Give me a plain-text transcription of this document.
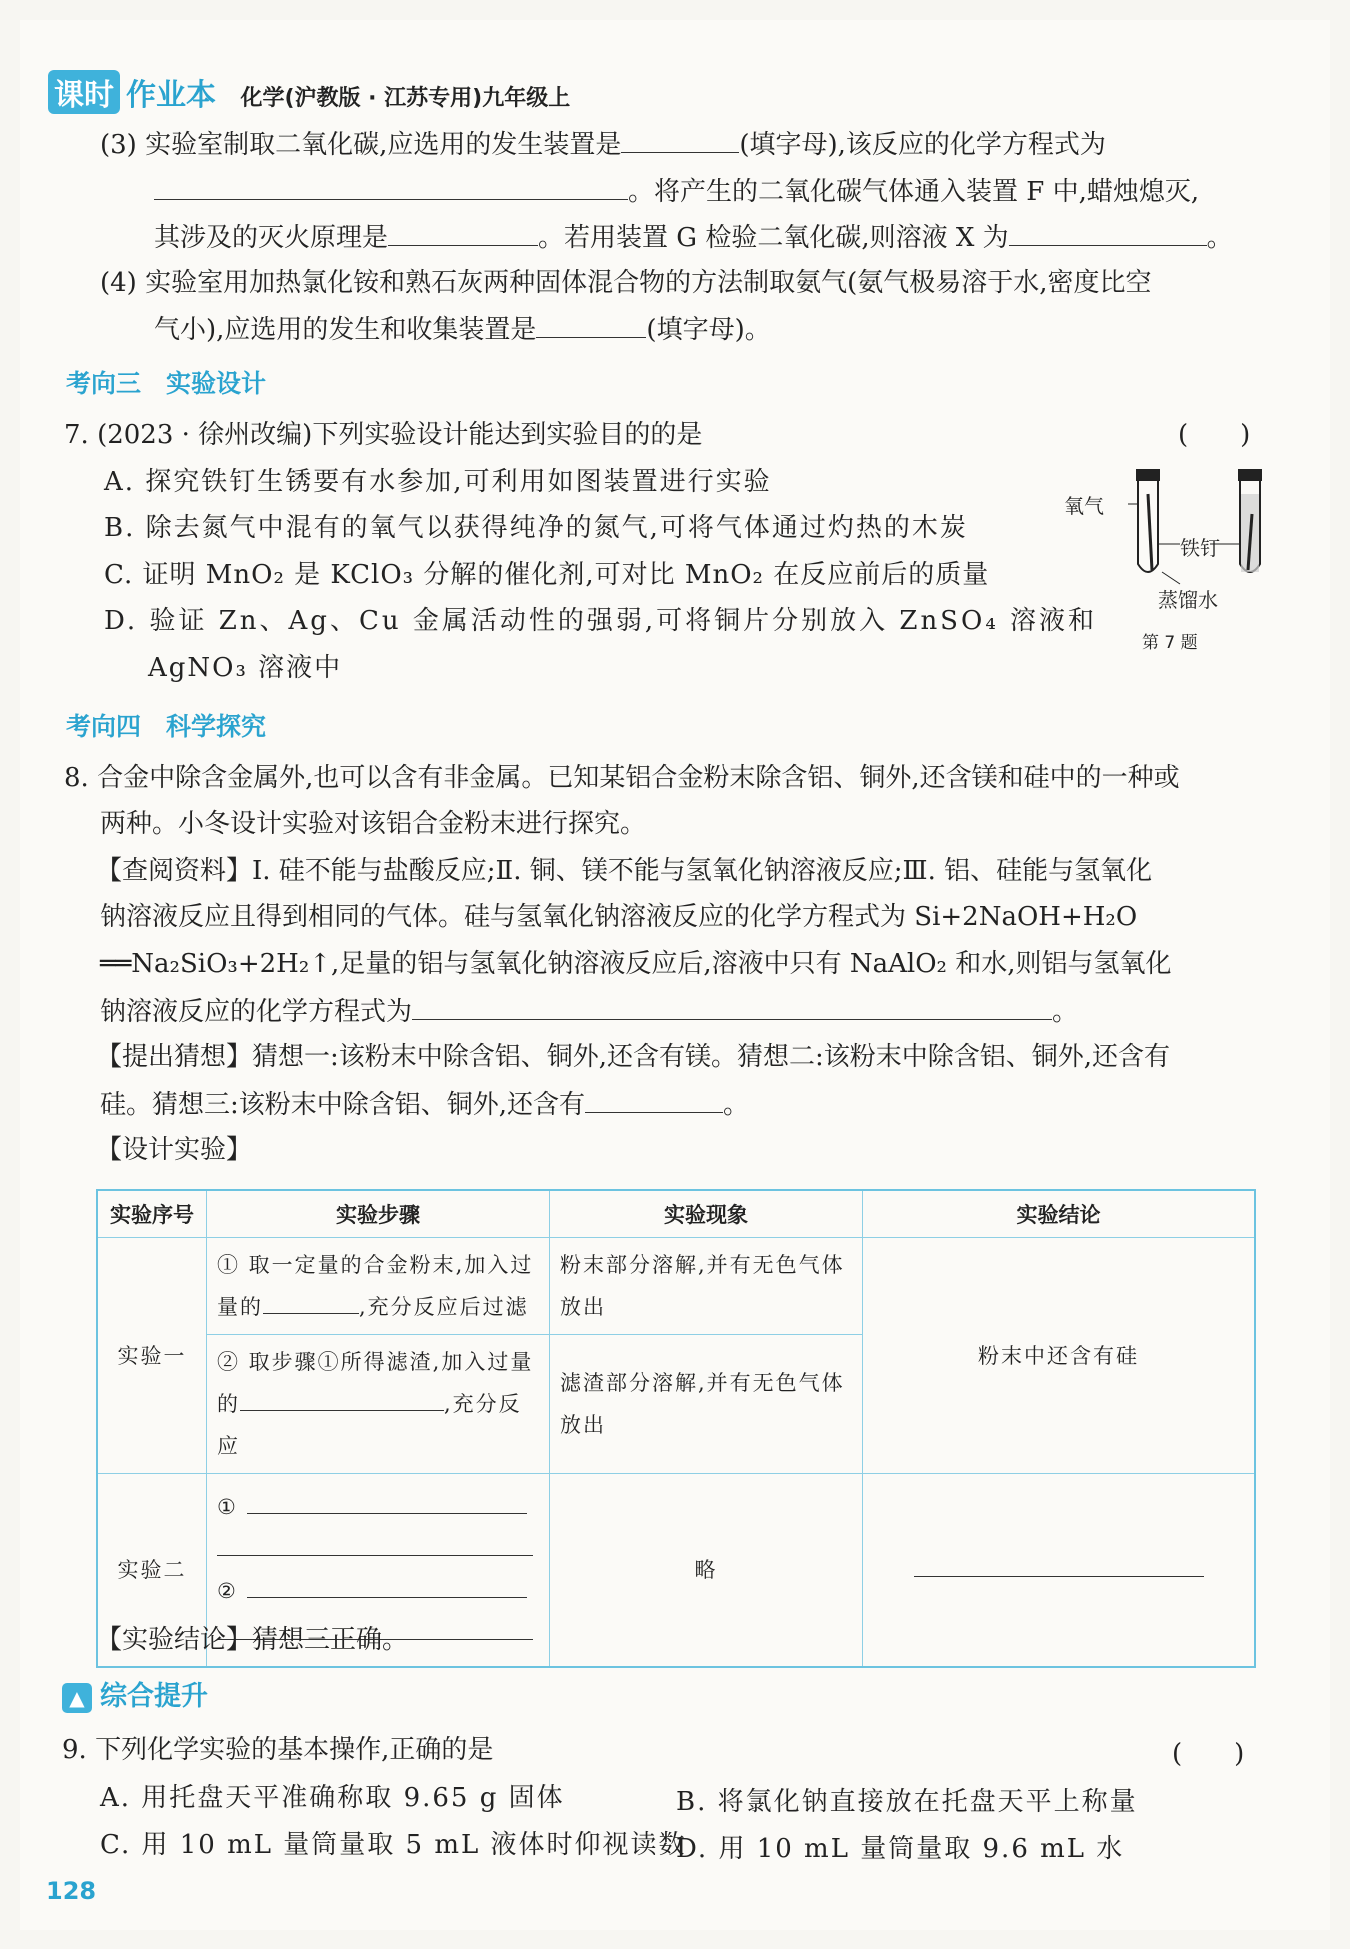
课时 作业本 化学(沪教版 · 江苏专用)九年级上
(3) 实验室制取二氧化碳,应选用的发生装置是	(填字母),该反应的化学方程式为
。将产生的二氧化碳气体通入装置 F 中,蜡烛熄灭,
其涉及的灭火原理是	。若用装置 G 检验二氧化碳,则溶液 X 为	。
(4) 实验室用加热氯化铵和熟石灰两种固体混合物的方法制取氨气(氨气极易溶于水,密度比空
气小),应选用的发生和收集装置是	(填字母)。
考向三　实验设计
7. (2023 · 徐州改编)下列实验设计能达到实验目的的是	(　　)
A. 探究铁钉生锈要有水参加,可利用如图装置进行实验
B. 除去氮气中混有的氧气以获得纯净的氮气,可将气体通过灼热的木炭
C. 证明 MnO₂ 是 KClO₃ 分解的催化剂,可对比 MnO₂ 在反应前后的质量
D. 验证 Zn、Ag、Cu 金属活动性的强弱,可将铜片分别放入 ZnSO₄ 溶液和
AgNO₃ 溶液中
氧气
铁钉
蒸馏水
第 7 题
考向四　科学探究
8. 合金中除含金属外,也可以含有非金属。已知某铝合金粉末除含铝、铜外,还含镁和硅中的一种或
两种。小冬设计实验对该铝合金粉末进行探究。
【查阅资料】Ⅰ. 硅不能与盐酸反应;Ⅱ. 铜、镁不能与氢氧化钠溶液反应;Ⅲ. 铝、硅能与氢氧化
钠溶液反应且得到相同的气体。硅与氢氧化钠溶液反应的化学方程式为 Si+2NaOH+H₂O
══Na₂SiO₃+2H₂↑,足量的铝与氢氧化钠溶液反应后,溶液中只有 NaAlO₂ 和水,则铝与氢氧化
钠溶液反应的化学方程式为	。
【提出猜想】猜想一:该粉末中除含铝、铜外,还含有镁。猜想二:该粉末中除含铝、铜外,还含有
硅。猜想三:该粉末中除含铝、铜外,还含有	。
【设计实验】
实验序号	实验步骤	实验现象	实验结论
实验一	① 取一定量的合金粉末,加入过
量的 ,充分反应后过滤	粉末部分溶解,并有无色气体放出	粉末中还含有硅

	② 取步骤①所得滤渣,加入过量
的 ,充分反应	滤渣部分溶解,并有无色气体放出	
实验二	①
②	略	
【实验结论】猜想三正确。
▲ 综合提升
9. 下列化学实验的基本操作,正确的是	(　　)
A. 用托盘天平准确称取 9.65 g 固体	B. 将氯化钠直接放在托盘天平上称量
C. 用 10 mL 量筒量取 5 mL 液体时仰视读数
D. 用 10 mL 量筒量取 9.6 mL 水
128
